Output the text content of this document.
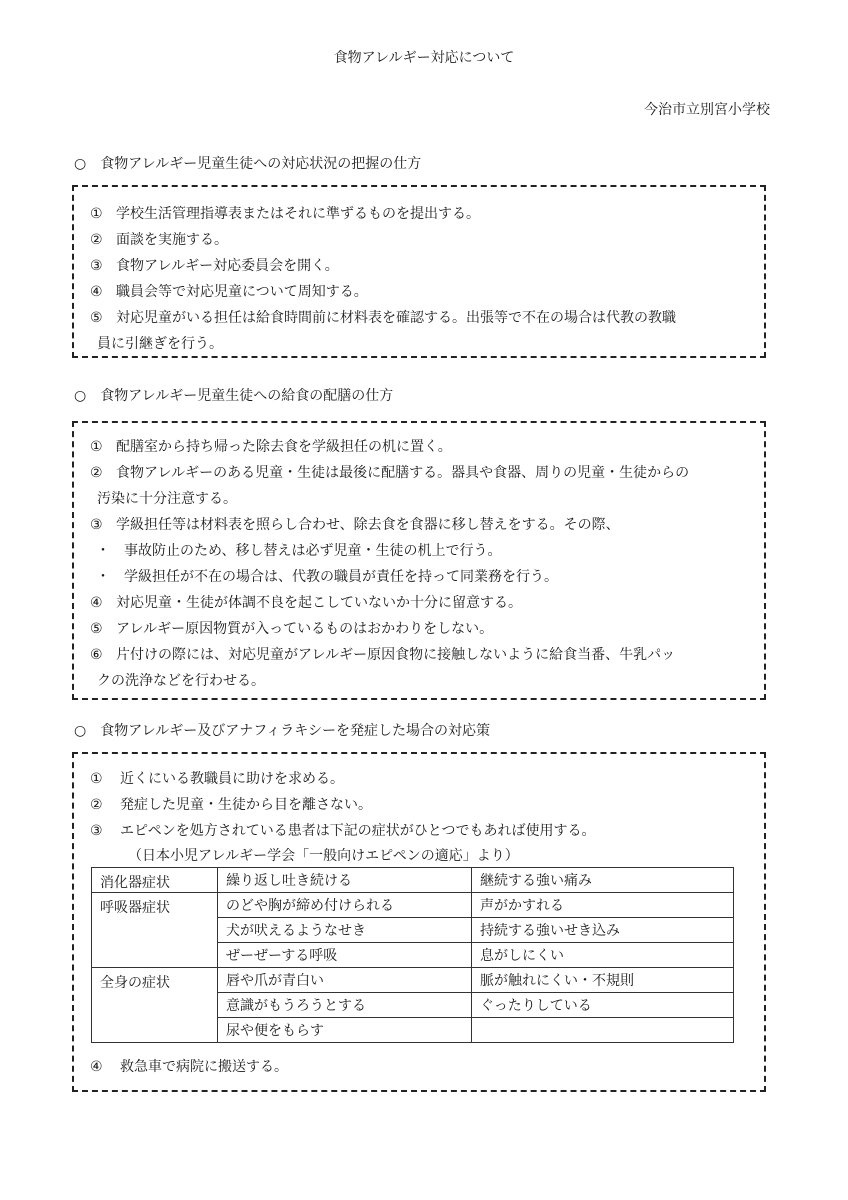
食物アレルギー対応について
今治市立別宮小学校
○ 食物アレルギー児童生徒への対応状況の把握の仕方
① 学校生活管理指導表またはそれに準ずるものを提出する。
② 面談を実施する。
③ 食物アレルギー対応委員会を開く。
④ 職員会等で対応児童について周知する。
⑤ 対応児童がいる担任は給食時間前に材料表を確認する。出張等で不在の場合は代教の教職
員に引継ぎを行う。
○ 食物アレルギー児童生徒への給食の配膳の仕方
① 配膳室から持ち帰った除去食を学級担任の机に置く。
② 食物アレルギーのある児童・生徒は最後に配膳する。器具や食器、周りの児童・生徒からの
汚染に十分注意する。
③ 学級担任等は材料表を照らし合わせ、除去食を食器に移し替えをする。その際、
・ 事故防止のため、移し替えは必ず児童・生徒の机上で行う。
・ 学級担任が不在の場合は、代教の職員が責任を持って同業務を行う。
④ 対応児童・生徒が体調不良を起こしていないか十分に留意する。
⑤ アレルギー原因物質が入っているものはおかわりをしない。
⑥ 片付けの際には、対応児童がアレルギー原因食物に接触しないように給食当番、牛乳パッ
クの洗浄などを行わせる。
○ 食物アレルギー及びアナフィラキシーを発症した場合の対応策
① 近くにいる教職員に助けを求める。
② 発症した児童・生徒から目を離さない。
③ エピペンを処方されている患者は下記の症状がひとつでもあれば使用する。
（日本小児アレルギー学会「一般向けエピペンの適応」より）
消化器症状	繰り返し吐き続ける	継続する強い痛み
呼吸器症状	のどや胸が締め付けられる	声がかすれる
	犬が吠えるようなせき	持続する強いせき込み
	ぜーぜーする呼吸	息がしにくい
全身の症状	唇や爪が青白い	脈が触れにくい・不規則
	意識がもうろうとする	ぐったりしている
	尿や便をもらす	
④ 救急車で病院に搬送する。
